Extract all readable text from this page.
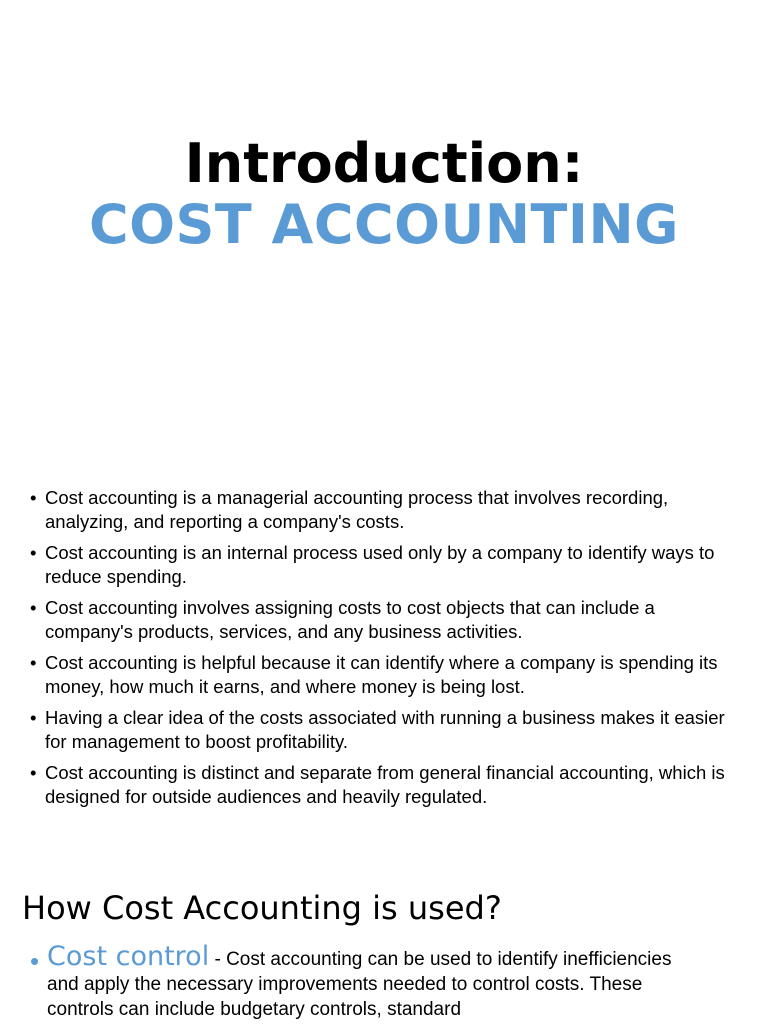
Introduction:
COST ACCOUNTING
• Cost accounting is a managerial accounting process that involves recording, analyzing, and reporting a company's costs.
• Cost accounting is an internal process used only by a company to identify ways to reduce spending.
• Cost accounting involves assigning costs to cost objects that can include a company's products, services, and any business activities.
• Cost accounting is helpful because it can identify where a company is spending its money, how much it earns, and where money is being lost.
• Having a clear idea of the costs associated with running a business makes it easier for management to boost profitability.
• Cost accounting is distinct and separate from general financial accounting, which is designed for outside audiences and heavily regulated.
How Cost Accounting is used?
• Cost control - Cost accounting can be used to identify inefficiencies and apply the necessary improvements needed to control costs. These controls can include budgetary controls, standard
